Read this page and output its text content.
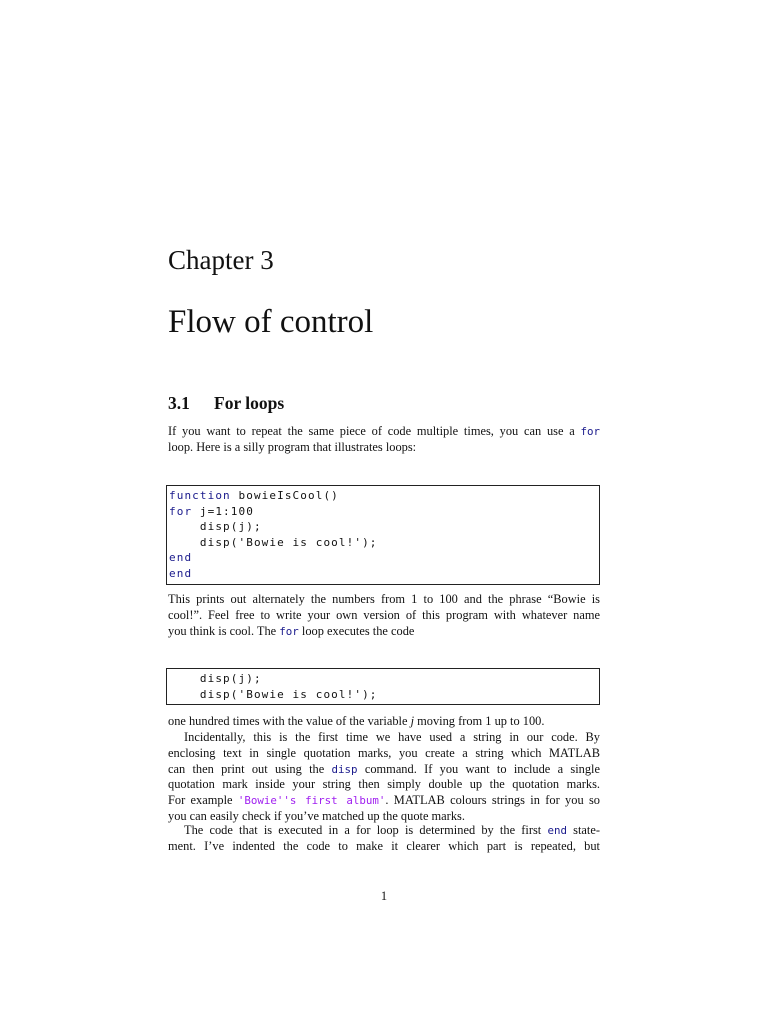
Chapter 3
Flow of control
3.1 For loops
If you want to repeat the same piece of code multiple times, you can use a for
loop. Here is a silly program that illustrates loops:
function bowieIsCool()
for j=1:100
disp(j);
disp('Bowie is cool!');
end
end
This prints out alternately the numbers from 1 to 100 and the phrase “Bowie is
cool!”. Feel free to write your own version of this program with whatever name
you think is cool. The for loop executes the code
disp(j);
disp('Bowie is cool!');
one hundred times with the value of the variable j moving from 1 up to 100.
Incidentally, this is the first time we have used a string in our code. By
enclosing text in single quotation marks, you create a string which MATLAB
can then print out using the disp command. If you want to include a single
quotation mark inside your string then simply double up the quotation marks.
For example 'Bowie''s first album'. MATLAB colours strings in for you so
you can easily check if you’ve matched up the quote marks.
The code that is executed in a for loop is determined by the first end state-
ment. I’ve indented the code to make it clearer which part is repeated, but
1
